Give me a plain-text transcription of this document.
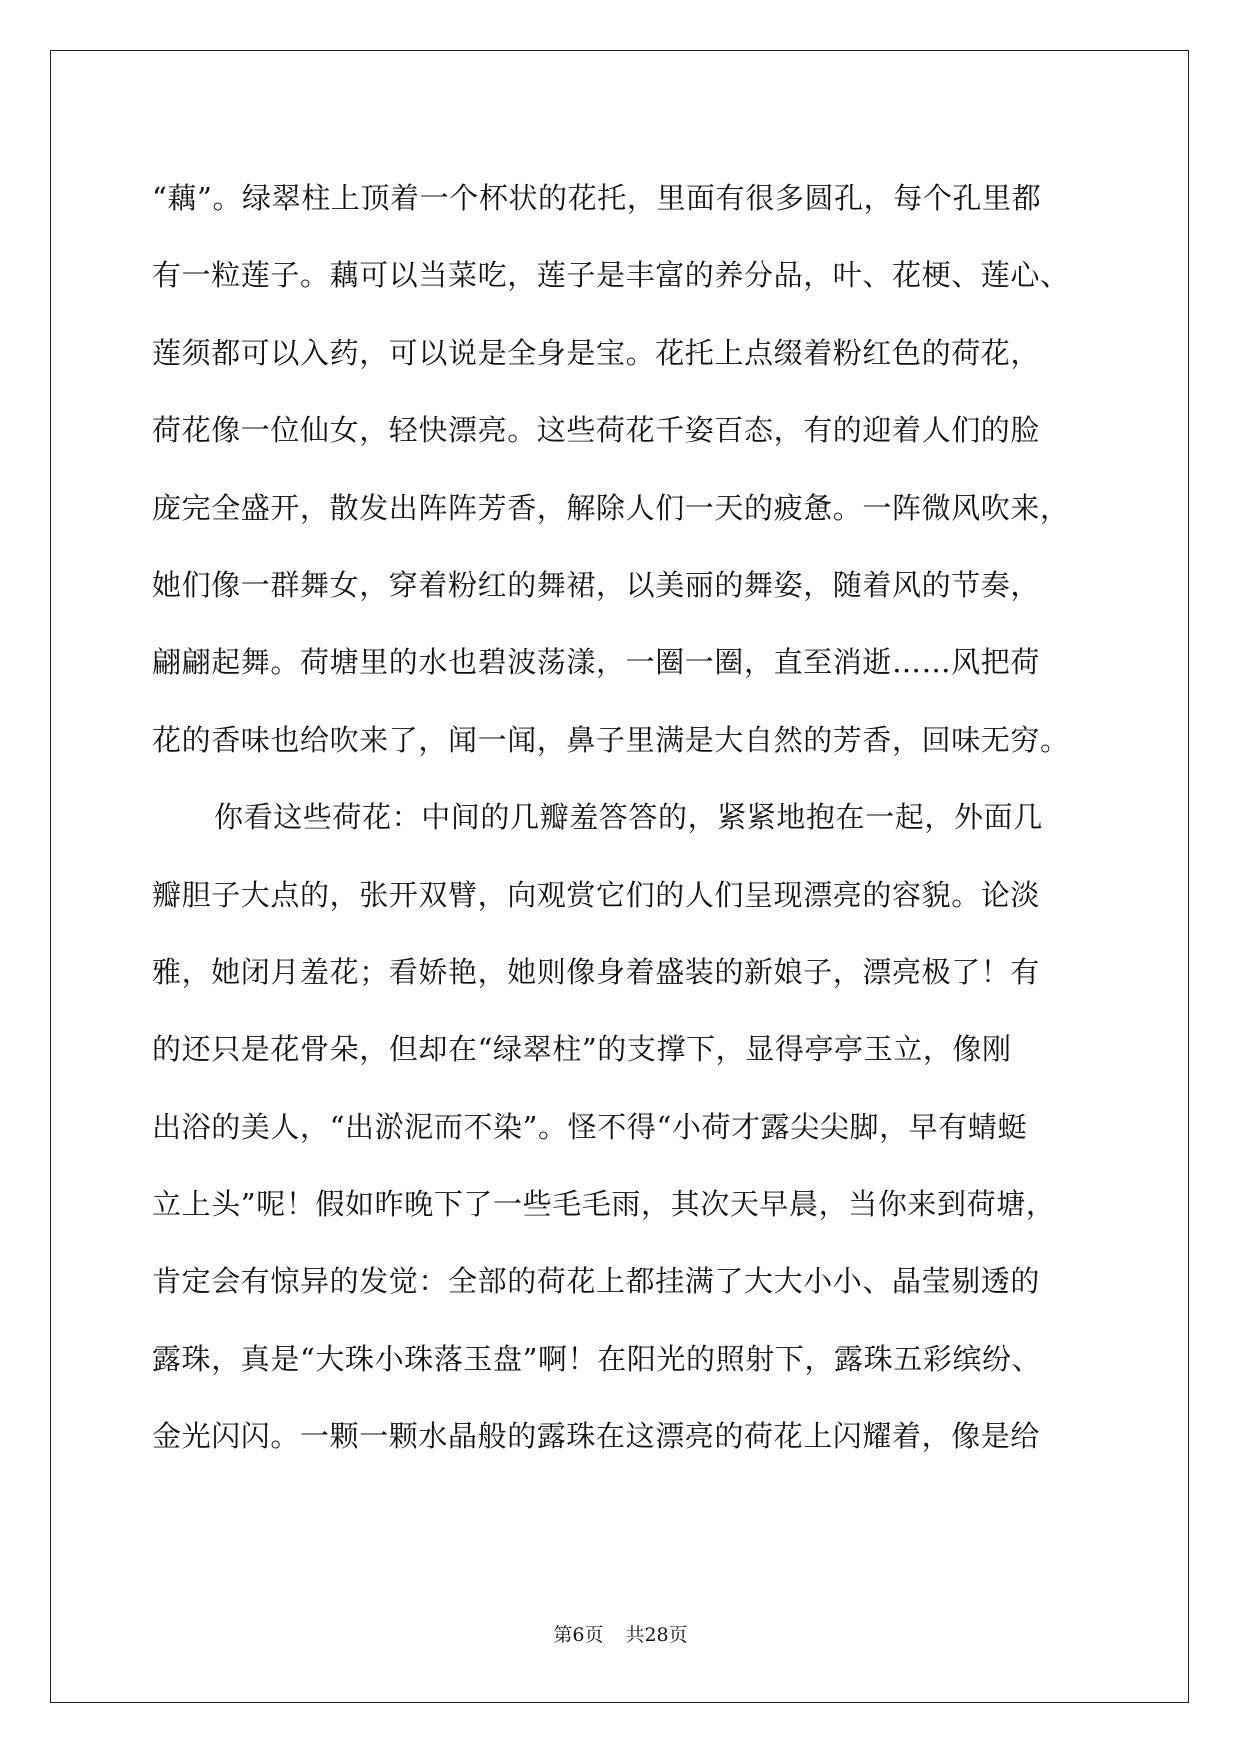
“藕”。绿翠柱上顶着一个杯状的花托，里面有很多圆孔，每个孔里都
有一粒莲子。藕可以当菜吃，莲子是丰富的养分品，叶、花梗、莲心、
莲须都可以入药，可以说是全身是宝。花托上点缀着粉红色的荷花，
荷花像一位仙女，轻快漂亮。这些荷花千姿百态，有的迎着人们的脸
庞完全盛开，散发出阵阵芳香，解除人们一天的疲惫。一阵微风吹来，
她们像一群舞女，穿着粉红的舞裙，以美丽的舞姿，随着风的节奏，
翩翩起舞。荷塘里的水也碧波荡漾，一圈一圈，直至消逝……风把荷
花的香味也给吹来了，闻一闻，鼻子里满是大自然的芳香，回味无穷。
你看这些荷花：中间的几瓣羞答答的，紧紧地抱在一起，外面几
瓣胆子大点的，张开双臂，向观赏它们的人们呈现漂亮的容貌。论淡
雅，她闭月羞花；看娇艳，她则像身着盛装的新娘子，漂亮极了！有
的还只是花骨朵，但却在“绿翠柱”的支撑下，显得亭亭玉立，像刚
出浴的美人，“出淤泥而不染”。怪不得“小荷才露尖尖脚，早有蜻蜓
立上头”呢！假如昨晚下了一些毛毛雨，其次天早晨，当你来到荷塘，
肯定会有惊异的发觉：全部的荷花上都挂满了大大小小、晶莹剔透的
露珠，真是“大珠小珠落玉盘”啊！在阳光的照射下，露珠五彩缤纷、
金光闪闪。一颗一颗水晶般的露珠在这漂亮的荷花上闪耀着，像是给
第6页 共28页
